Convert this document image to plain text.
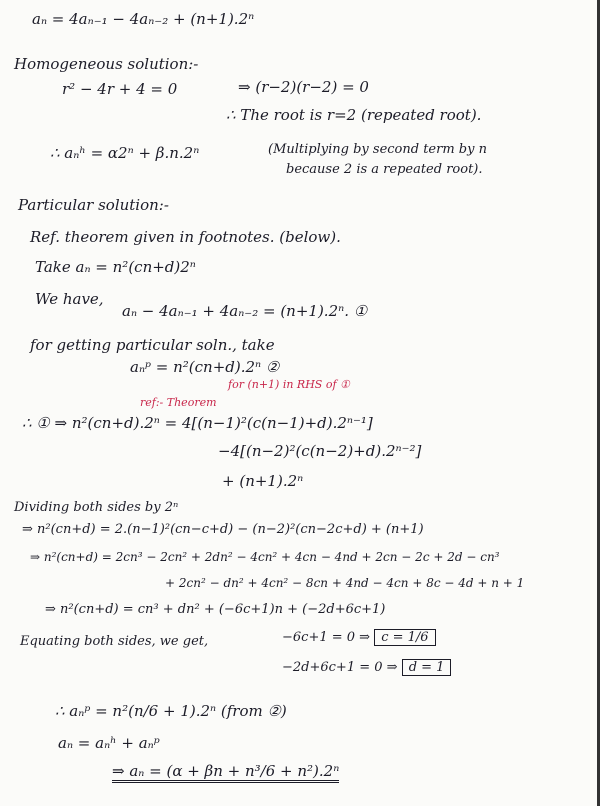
aₙ = 4aₙ₋₁ − 4aₙ₋₂ + (n+1).2ⁿ
Homogeneous solution:-
r² − 4r + 4 = 0	⇒ (r−2)(r−2) = 0
∴ The root is r=2 (repeated root).
∴ aₙʰ = α2ⁿ + β.n.2ⁿ	(Multiplying by second term by n
because 2 is a repeated root).
Particular solution:-
Ref. theorem given in footnotes. (below).
Take aₙ = n²(cn+d)2ⁿ
We have,
aₙ − 4aₙ₋₁ + 4aₙ₋₂ = (n+1).2ⁿ. ①
for getting particular soln., take
aₙᵖ = n²(cn+d).2ⁿ ②
for (n+1) in RHS of ①
ref:- Theorem
∴ ① ⇒ n²(cn+d).2ⁿ = 4[(n−1)²(c(n−1)+d).2ⁿ⁻¹]
−4[(n−2)²(c(n−2)+d).2ⁿ⁻²]
+ (n+1).2ⁿ
Dividing both sides by 2ⁿ
⇒ n²(cn+d) = 2.(n−1)²(cn−c+d) − (n−2)²(cn−2c+d) + (n+1)
⇒ n²(cn+d) = 2cn³ − 2cn² + 2dn² − 4cn² + 4cn − 4nd + 2cn − 2c + 2d − cn³
+ 2cn² − dn² + 4cn² − 8cn + 4nd − 4cn + 8c − 4d + n + 1
⇒ n²(cn+d) = cn³ + dn² + (−6c+1)n + (−2d+6c+1)
Equating both sides, we get,	−6c+1 = 0 ⇒ c = 1/6
−2d+6c+1 = 0 ⇒ d = 1
∴ aₙᵖ = n²(n/6 + 1).2ⁿ (from ②)
aₙ = aₙʰ + aₙᵖ
⇒ aₙ = (α + βn + n³/6 + n²).2ⁿ
